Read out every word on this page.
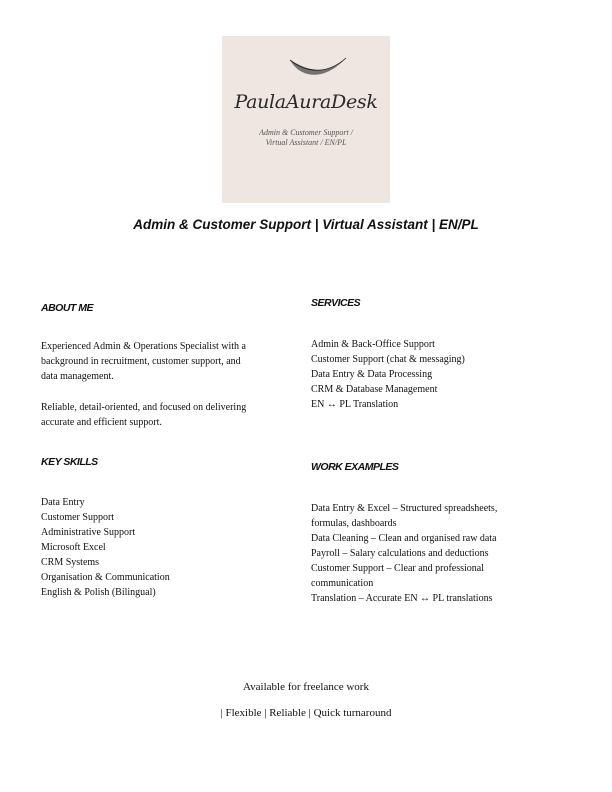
PaulaAuraDesk
Admin & Customer Support /
Virtual Assistant / EN/PL
Admin & Customer Support | Virtual Assistant | EN/PL
ABOUT ME
Experienced Admin & Operations Specialist with a
background in recruitment, customer support, and
data management.
Reliable, detail-oriented, and focused on delivering
accurate and efficient support.
KEY SKILLS
Data Entry
Customer Support
Administrative Support
Microsoft Excel
CRM Systems
Organisation & Communication
English & Polish (Bilingual)
SERVICES
Admin & Back-Office Support
Customer Support (chat & messaging)
Data Entry & Data Processing
CRM & Database Management
EN ↔ PL Translation
WORK EXAMPLES
Data Entry & Excel – Structured spreadsheets,
formulas, dashboards
Data Cleaning – Clean and organised raw data
Payroll – Salary calculations and deductions
Customer Support – Clear and professional
communication
Translation – Accurate EN ↔ PL translations
Available for freelance work
| Flexible | Reliable | Quick turnaround
